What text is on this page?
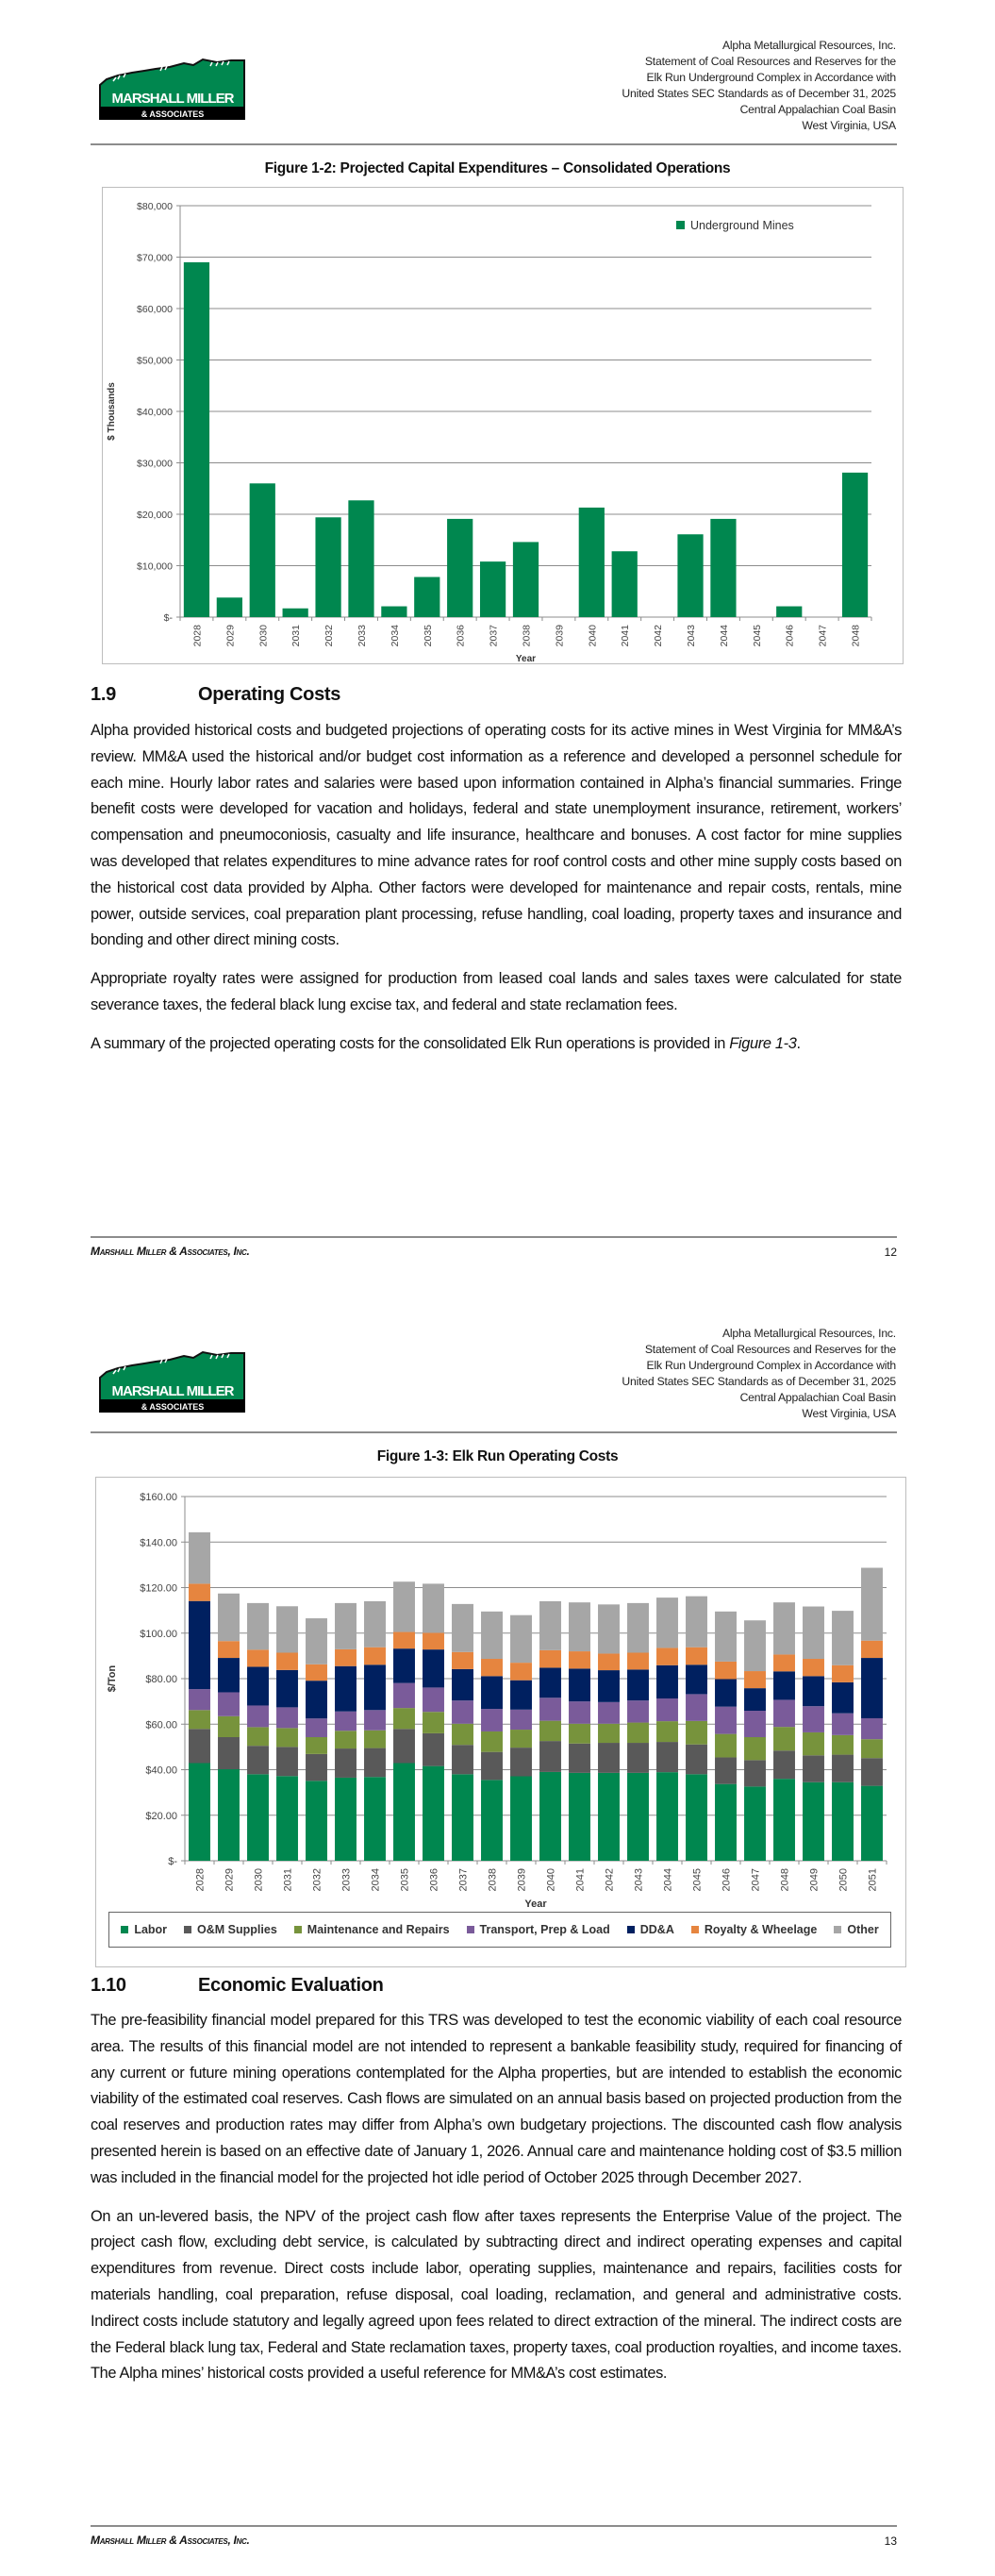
MARSHALL MILLER
& ASSOCIATES
Alpha Metallurgical Resources, Inc.
Statement of Coal Resources and Reserves for the
Elk Run Underground Complex in Accordance with
United States SEC Standards as of December 31, 2025
Central Appalachian Coal Basin
West Virginia, USA
Figure 1-2: Projected Capital Expenditures – Consolidated Operations
$-
$10,000
$20,000
$30,000
$40,000
$50,000
$60,000
$70,000
$80,000
2028 2029 2030 2031 2032 2033 2034 2035 2036 2037 2038 2039 2040 2041 2042 2043 2044 2045 2046 2047 2048
Year
$ Thousands
Underground Mines
1.9	Operating Costs

Alpha provided historical costs and budgeted projections of operating costs for its active mines in West Virginia for MM&A’s review. MM&A used the historical and/or budget cost information as a reference and developed a personnel schedule for each mine. Hourly labor rates and salaries were based upon information contained in Alpha’s financial summaries. Fringe benefit costs were developed for vacation and holidays, federal and state unemployment insurance, retirement, workers’ compensation and pneumoconiosis, casualty and life insurance, healthcare and bonuses. A cost factor for mine supplies was developed that relates expenditures to mine advance rates for roof control costs and other mine supply costs based on the historical cost data provided by Alpha. Other factors were developed for maintenance and repair costs, rentals, mine power, outside services, coal preparation plant processing, refuse handling, coal loading, property taxes and insurance and bonding and other direct mining costs.

Appropriate royalty rates were assigned for production from leased coal lands and sales taxes were calculated for state severance taxes, the federal black lung excise tax, and federal and state reclamation fees.

A summary of the projected operating costs for the consolidated Elk Run operations is provided in Figure 1-3.

Marshall Miller & Associates, Inc.	12
MARSHALL MILLER
& ASSOCIATES
Alpha Metallurgical Resources, Inc.
Statement of Coal Resources and Reserves for the
Elk Run Underground Complex in Accordance with
United States SEC Standards as of December 31, 2025
Central Appalachian Coal Basin
West Virginia, USA
Figure 1-3: Elk Run Operating Costs
$-
$20.00
$40.00
$60.00
$80.00
$100.00
$120.00
$140.00
$160.00
2028 2029 2030 2031 2032 2033 2034 2035 2036 2037 2038 2039 2040 2041 2042 2043 2044 2045 2046 2047 2048 2049 2050 2051
Year
$/Ton
Labor	O&M Supplies	Maintenance and Repairs	Transport, Prep & Load	DD&A	Royalty & Wheelage	Other
1.10	Economic Evaluation

The pre-feasibility financial model prepared for this TRS was developed to test the economic viability of each coal resource area. The results of this financial model are not intended to represent a bankable feasibility study, required for financing of any current or future mining operations contemplated for the Alpha properties, but are intended to establish the economic viability of the estimated coal reserves. Cash flows are simulated on an annual basis based on projected production from the coal reserves and production rates may differ from Alpha’s own budgetary projections. The discounted cash flow analysis presented herein is based on an effective date of January 1, 2026. Annual care and maintenance holding cost of $3.5 million was included in the financial model for the projected hot idle period of October 2025 through December 2027.

On an un-levered basis, the NPV of the project cash flow after taxes represents the Enterprise Value of the project. The project cash flow, excluding debt service, is calculated by subtracting direct and indirect operating expenses and capital expenditures from revenue. Direct costs include labor, operating supplies, maintenance and repairs, facilities costs for materials handling, coal preparation, refuse disposal, coal loading, reclamation, and general and administrative costs. Indirect costs include statutory and legally agreed upon fees related to direct extraction of the mineral. The indirect costs are the Federal black lung tax, Federal and State reclamation taxes, property taxes, coal production royalties, and income taxes. The Alpha mines’ historical costs provided a useful reference for MM&A’s cost estimates.

Marshall Miller & Associates, Inc.	13
